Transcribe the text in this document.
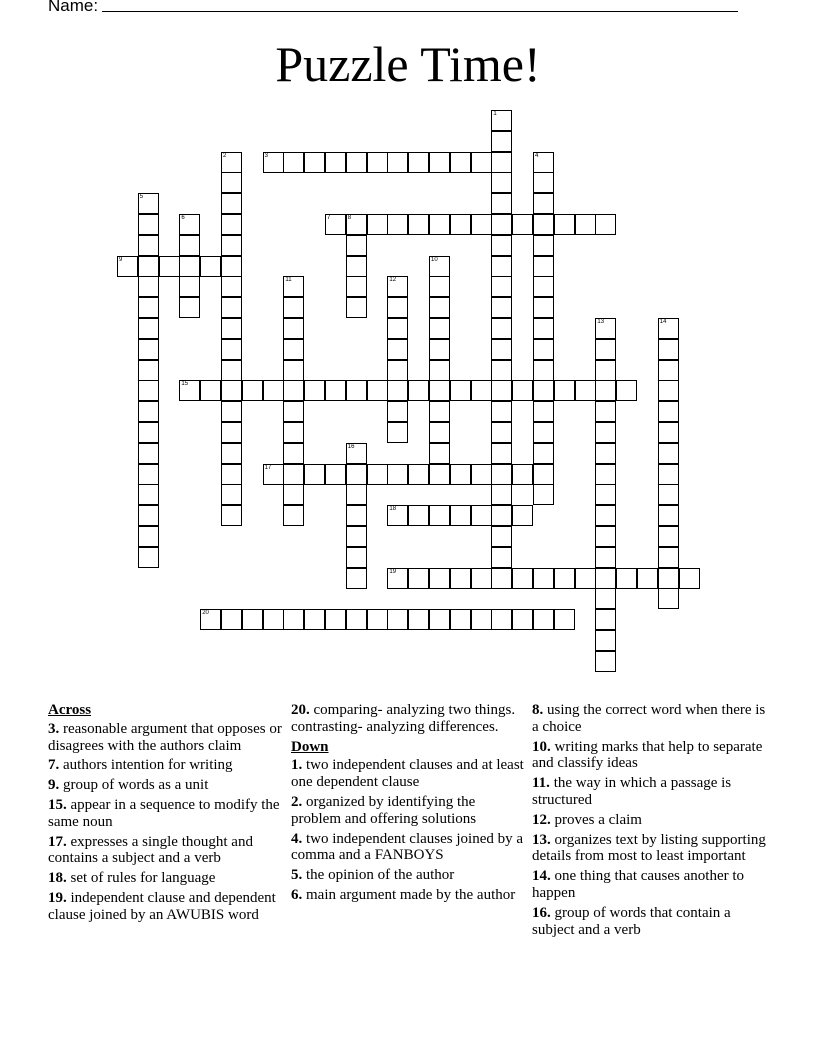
Name:
Puzzle Time!
1
2	3	4
5
6	7	8
9	10
11	12
13	14
15
16
17
18
19
20
Across
3. reasonable argument that opposes or disagrees with the authors claim
7. authors intention for writing
9. group of words as a unit
15. appear in a sequence to modify the same noun
17. expresses a single thought and contains a subject and a verb
18. set of rules for language
19. independent clause and dependent clause joined by an AWUBIS word
20. comparing- analyzing two things. contrasting- analyzing differences.
Down
1. two independent clauses and at least one dependent clause
2. organized by identifying the problem and offering solutions
4. two independent clauses joined by a comma and a FANBOYS
5. the opinion of the author
6. main argument made by the author
8. using the correct word when there is a choice
10. writing marks that help to separate and classify ideas
11. the way in which a passage is structured
12. proves a claim
13. organizes text by listing supporting details from most to least important
14. one thing that causes another to happen
16. group of words that contain a subject and a verb
